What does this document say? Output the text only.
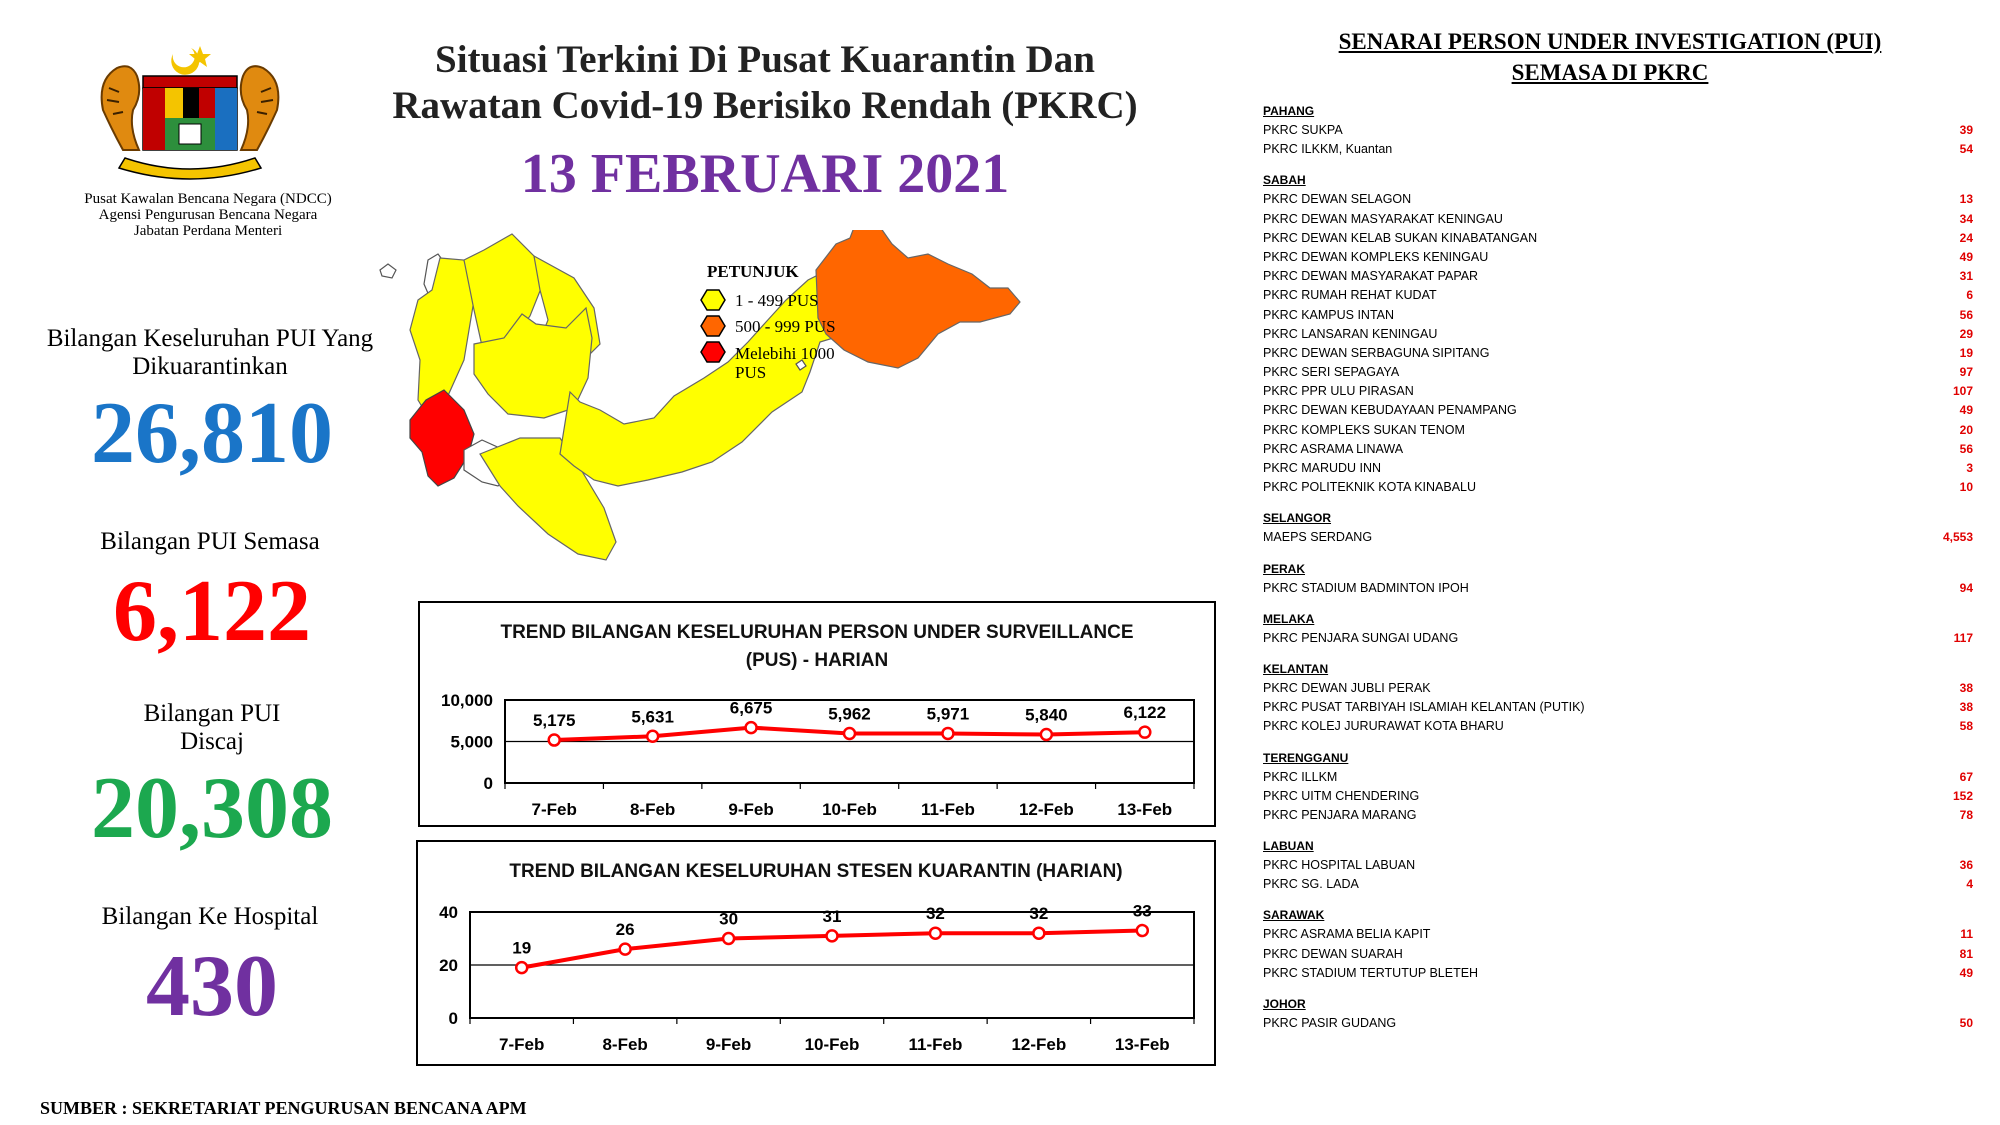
Pusat Kawalan Bencana Negara (NDCC)
Agensi Pengurusan Bencana Negara
Jabatan Perdana Menteri
Bilangan Keseluruhan PUI Yang Dikuarantinkan
26,810
Bilangan PUI Semasa
6,122
Bilangan PUI Discaj
20,308
Bilangan Ke Hospital
430
Situasi Terkini Di Pusat Kuarantin Dan
Rawatan Covid-19 Berisiko Rendah (PKRC)
13 FEBRUARI 2021
PETUNJUK
1 - 499 PUS
500 - 999 PUS
Melebihi 1000 PUS
TREND BILANGAN KESELURUHAN PERSON UNDER SURVEILLANCE
(PUS) - HARIAN
0
5,000
10,000
7-Feb	8-Feb	9-Feb	10-Feb	11-Feb	12-Feb	13-Feb
5,175	5,631	6,675	5,962	5,971	5,840	6,122
TREND BILANGAN KESELURUHAN STESEN KUARANTIN (HARIAN)
0
20
40
7-Feb	8-Feb	9-Feb	10-Feb	11-Feb	12-Feb	13-Feb
19
26
30	31	32	32	33
SENARAI PERSON UNDER INVESTIGATION (PUI)
SEMASA DI PKRC
PAHANG
PKRC SUKPA	39
PKRC ILKKM, Kuantan	54
SABAH
PKRC DEWAN SELAGON	13
PKRC DEWAN MASYARAKAT KENINGAU	34
PKRC DEWAN KELAB SUKAN KINABATANGAN	24
PKRC DEWAN KOMPLEKS KENINGAU	49
PKRC DEWAN MASYARAKAT PAPAR	31
PKRC RUMAH REHAT KUDAT	6
PKRC KAMPUS INTAN	56
PKRC LANSARAN KENINGAU	29
PKRC DEWAN SERBAGUNA SIPITANG	19
PKRC SERI SEPAGAYA	97
PKRC PPR ULU PIRASAN	107
PKRC DEWAN KEBUDAYAAN PENAMPANG	49
PKRC KOMPLEKS SUKAN TENOM	20
PKRC ASRAMA LINAWA	56
PKRC MARUDU INN	3
PKRC POLITEKNIK KOTA KINABALU	10
SELANGOR
MAEPS SERDANG	4,553
PERAK
PKRC STADIUM BADMINTON IPOH	94
MELAKA
PKRC PENJARA SUNGAI UDANG	117
KELANTAN
PKRC DEWAN JUBLI PERAK	38
PKRC PUSAT TARBIYAH ISLAMIAH KELANTAN (PUTIK)	38
PKRC KOLEJ JURURAWAT KOTA BHARU	58
TERENGGANU
PKRC ILLKM	67
PKRC UITM CHENDERING	152
PKRC PENJARA MARANG	78
LABUAN
PKRC HOSPITAL LABUAN	36
PKRC SG. LADA	4
SARAWAK
PKRC ASRAMA BELIA KAPIT	11
PKRC DEWAN SUARAH	81
PKRC STADIUM TERTUTUP BLETEH	49
JOHOR
PKRC PASIR GUDANG	50
SUMBER : SEKRETARIAT PENGURUSAN BENCANA APM
